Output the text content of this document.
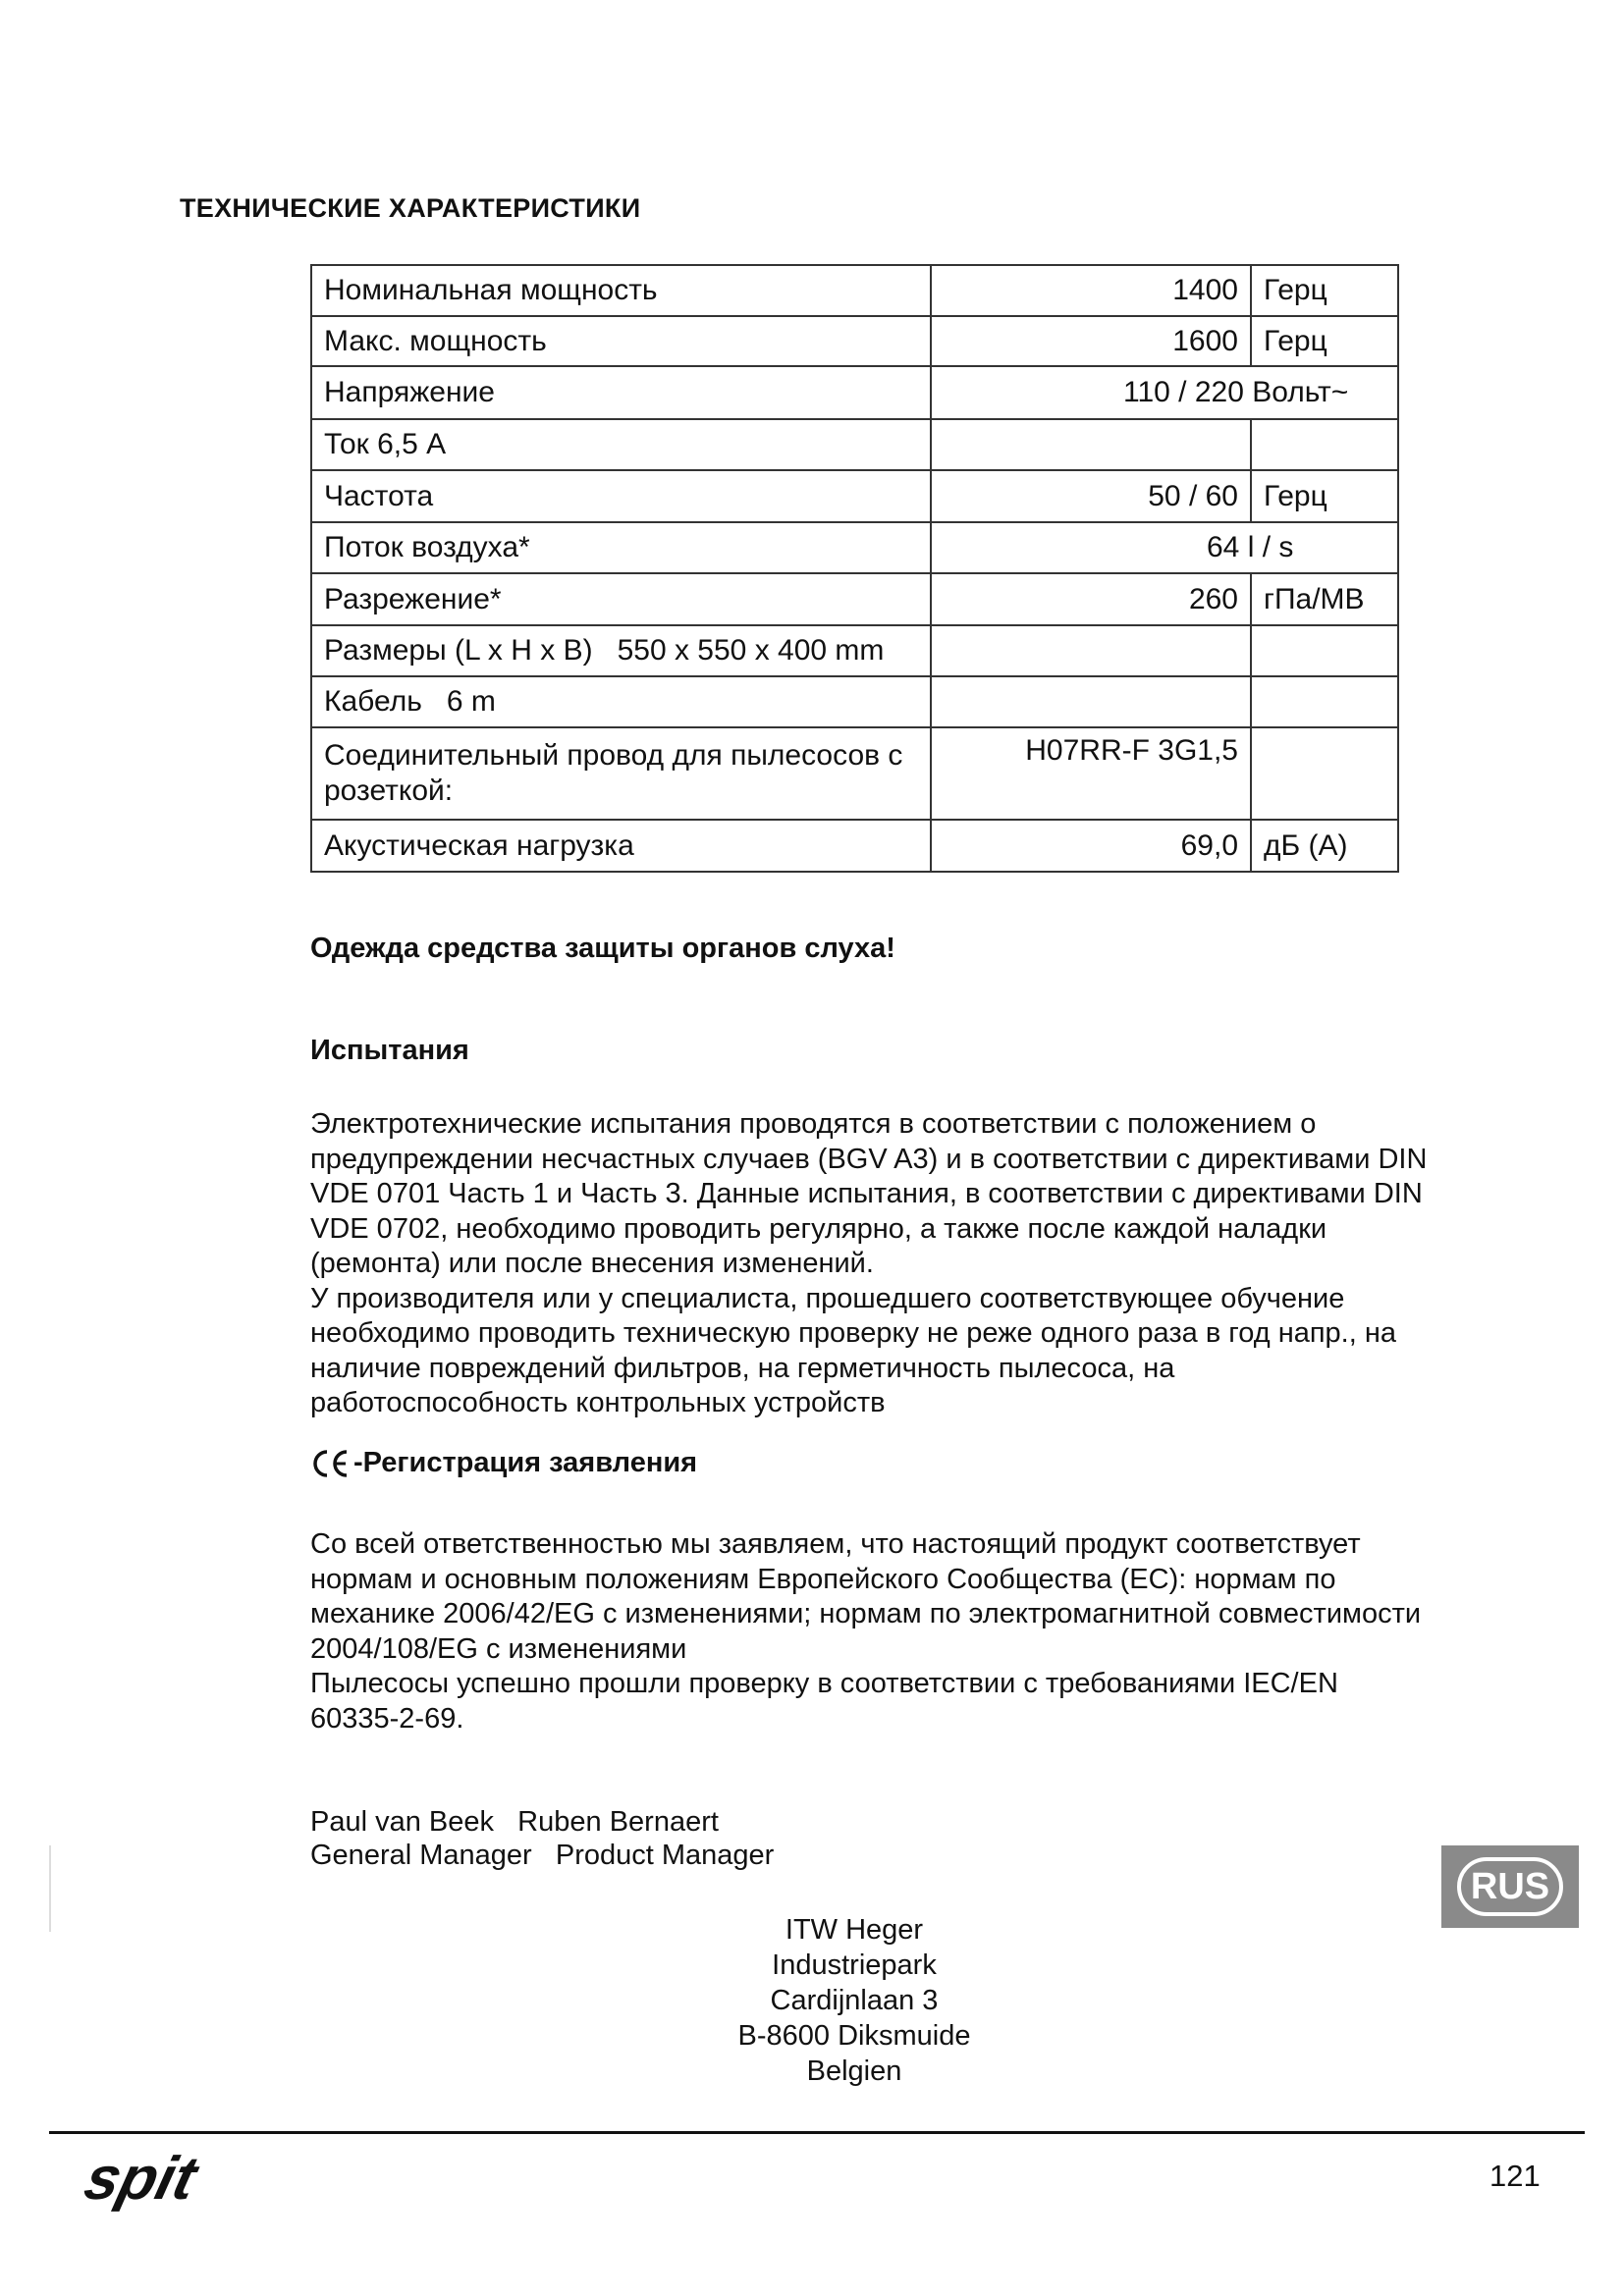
ТЕХНИЧЕСКИЕ ХАРАКТЕРИСТИКИ
Номинальная мощность	1400	Герц
Макс. мощность	1600	Герц
Напряжение	110 / 220 Вольт~	
Ток 6,5 А		
Частота	50 / 60	Герц
Поток воздуха*	64 l / s	
Разрежение*	260	гПа/МВ
Размеры (L x H x B)   550 x 550 x 400 mm		
Кабель   6 m		
Соединительный провод для пылесосов с розеткой:	H07RR-F 3G1,5	
Акустическая нагрузка	69,0	дБ (А)
Одежда средства защиты органов слуха!
Испытания

Электротехнические испытания проводятся в соответствии с положением о предупреждении несчастных случаев (BGV A3) и в соответствии с директивами DIN VDE 0701 Часть 1 и Часть 3. Данные испытания, в соответствии с директивами DIN VDE 0702, необходимо проводить регулярно, а также после каждой наладки (ремонта) или после внесения изменений.

У производителя или у специалиста, прошедшего соответствующее обучение необходимо проводить техническую проверку не реже одного раза в год напр., на наличие повреждений фильтров, на герметичность пылесоса, на работоспособность контрольных устройств

-Регистрация заявления

Со всей ответственностью мы заявляем, что настоящий продукт соответствует нормам и основным положениям Европейского Сообщества (EC): нормам по механике 2006/42/EG с изменениями; нормам по электромагнитной совместимости 2004/108/EG с изменениями

Пылесосы успешно прошли проверку в соответствии с требованиями IEC/EN 60335-2-69.

Paul van Beek   Ruben Bernaert
General Manager   Product Manager
ITW Heger
Industriepark
Cardijnlaan 3
B-8600 Diksmuide
Belgien
RUS
spit	121
